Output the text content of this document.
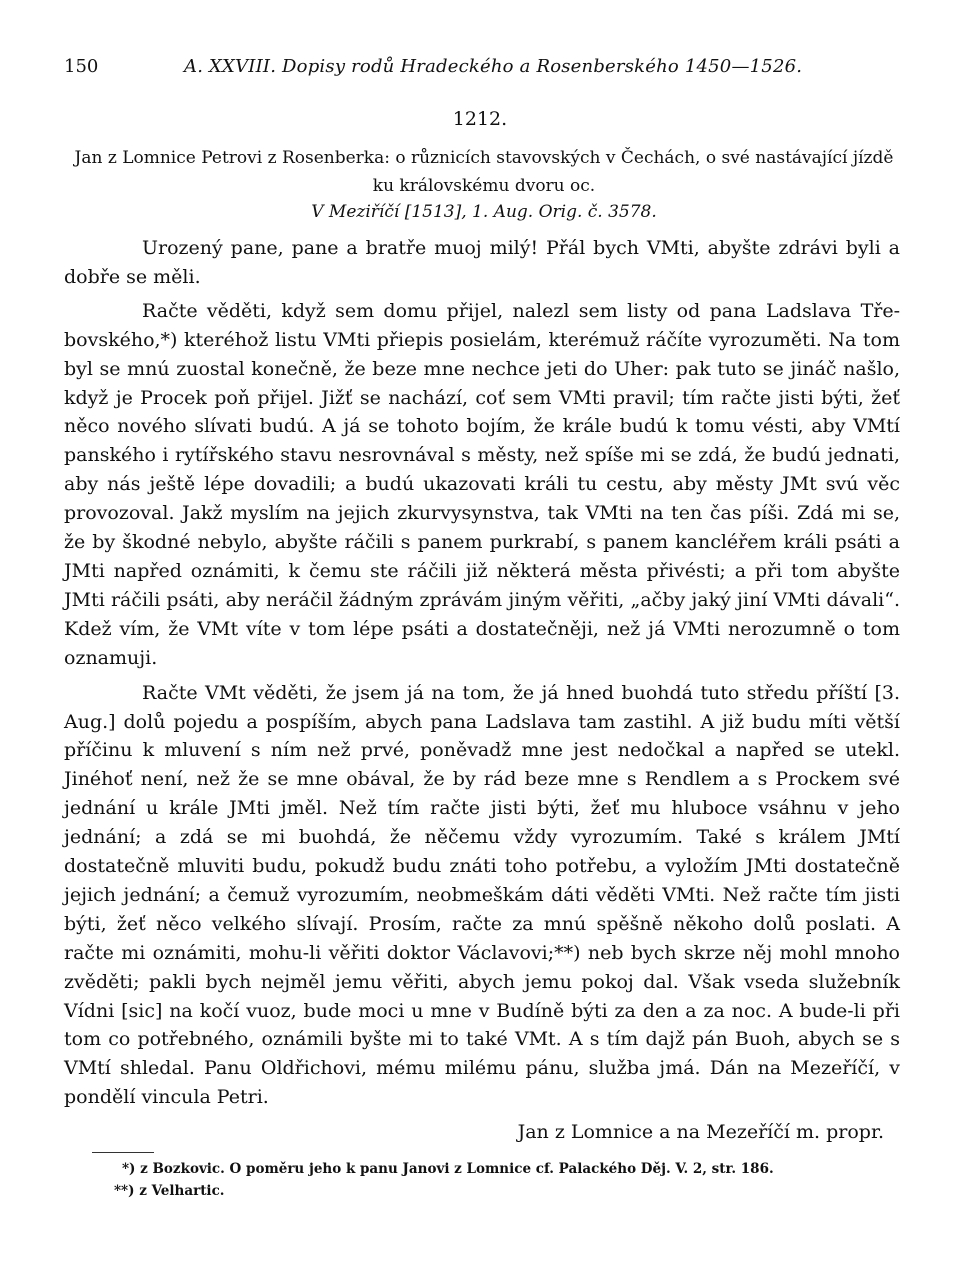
150	A. XXVIII. Dopisy rodů Hradeckého a Rosenberského 1450—1526.
1212.
Jan z Lomnice Petrovi z Rosenberka: o různicích stavovských v Čechách, o své nastávající jízdě ku královskému dvoru oc.
V Meziříčí [1513], 1. Aug. Orig. č. 3578.

Urozený pane, pane a bratře muoj milý! Přál bych VMti, abyšte zdrávi byli a dobře se měli.

Račte věděti, když sem domu přijel, nalezl sem listy od pana Ladslava Třebovského,*) kteréhož listu VMti přiepis posielám, kterémuž ráčíte vyrozuměti. Na tom byl se mnú zuostal konečně, že beze mne nechce jeti do Uher: pak tuto se jináč našlo, když je Procek poň přijel. Jižť se nachází, coť sem VMti pravil; tím račte jisti býti, žeť něco nového slívati budú. A já se tohoto bojím, že krále budú k tomu vésti, aby VMtí panského i rytířského stavu nesrovnával s městy, než spíše mi se zdá, že budú jednati, aby nás ještě lépe dovadili; a budú ukazovati králi tu cestu, aby městy JMt svú věc provozoval. Jakž myslím na jejich zkurvysynstva, tak VMti na ten čas píši. Zdá mi se, že by škodné nebylo, abyšte ráčili s panem purkrabí, s panem kancléřem králi psáti a JMti napřed oznámiti, k čemu ste ráčili již některá města přivésti; a při tom abyšte JMti ráčili psáti, aby neráčil žádným zprávám jiným věřiti, „ačby jaký jiní VMti dávali“. Kdež vím, že VMt víte v tom lépe psáti a dostatečněji, než já VMti nerozumně o tom oznamuji.

Račte VMt věděti, že jsem já na tom, že já hned buohdá tuto středu příští [3. Aug.] dolů pojedu a pospíším, abych pana Ladslava tam zastihl. A již budu míti větší příčinu k mluvení s ním než prvé, poněvadž mne jest nedočkal a napřed se utekl. Jinéhoť není, než že se mne obával, že by rád beze mne s Rendlem a s Prockem své jednání u krále JMti jměl. Než tím račte jisti býti, žeť mu hluboce vsáhnu v jeho jednání; a zdá se mi buohdá, že něčemu vždy vyrozumím. Také s králem JMtí dostatečně mluviti budu, pokudž budu znáti toho potřebu, a vyložím JMti dostatečně jejich jednání; a čemuž vyrozumím, neobmeškám dáti věděti VMti. Než račte tím jisti býti, žeť něco velkého slívají. Prosím, račte za mnú spěšně někoho dolů poslati. A račte mi oznámiti, mohu-li věřiti doktor Václavovi;**) neb bych skrze něj mohl mnoho zvěděti; pakli bych nejměl jemu věřiti, abych jemu pokoj dal. Však vseda služebník Vídni [sic] na kočí vuoz, bude moci u mne v Budíně býti za den a za noc. A bude-li při tom co potřebného, oznámili byšte mi to také VMt. A s tím dajž pán Buoh, abych se s VMtí shledal. Panu Oldřichovi, mému milému pánu, služba jmá. Dán na Mezeříčí, v pondělí vincula Petri.

Jan z Lomnice a na Mezeříčí m. propr.
*) z Bozkovic. O poměru jeho k panu Janovi z Lomnice cf. Palackého Děj. V. 2, str. 186.
**) z Velhartic.
